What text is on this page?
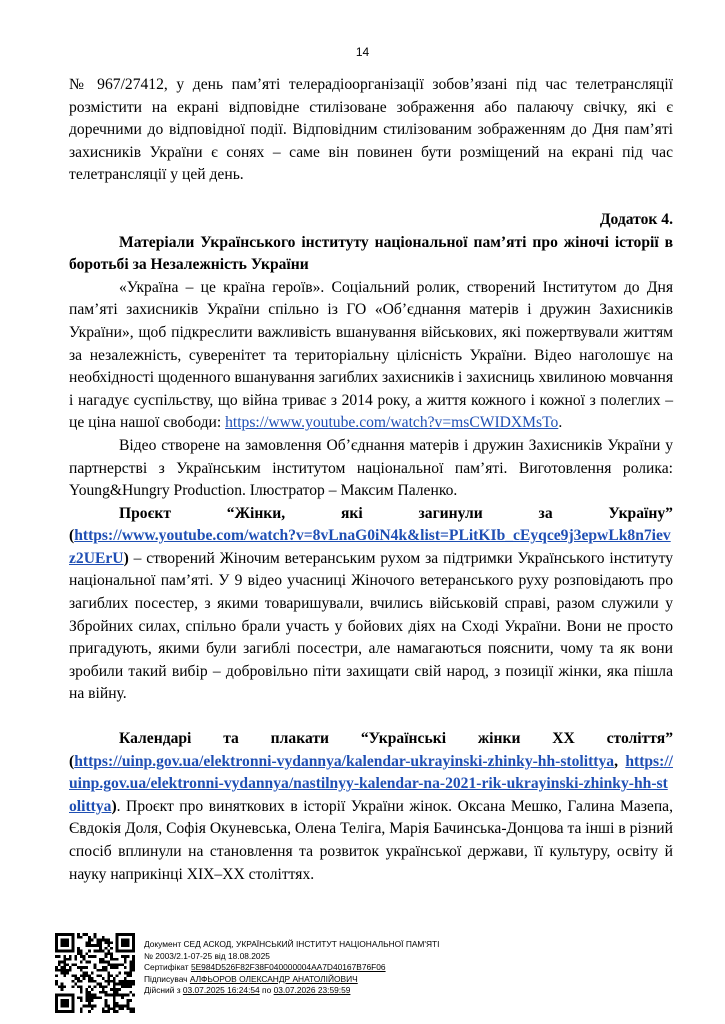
14

№ 967/27412, у день пам’яті телерадіоорганізації зобов’язані під час телетрансляції розмістити на екрані відповідне стилізоване зображення або палаючу свічку, які є доречними до відповідної події. Відповідним стилізованим зображенням до Дня пам’яті захисників України є сонях – саме він повинен бути розміщений на екрані під час телетрансляції у цей день.

Додаток 4.

Матеріали Українського інституту національної пам’яті про жіночі історії в боротьбі за Незалежність України

«Україна – це країна героїв». Соціальний ролик, створений Інститутом до Дня пам’яті захисників України спільно із ГО «Об’єднання матерів і дружин Захисників України», щоб підкреслити важливість вшанування військових, які пожертвували життям за незалежність, суверенітет та територіальну цілісність України. Відео наголошує на необхідності щоденного вшанування загиблих захисників і захисниць хвилиною мовчання і нагадує суспільству, що війна триває з 2014 року, а життя кожного і кожної з полеглих – це ціна нашої свободи: https://www.youtube.com/watch?v=msCWIDXMsTo.

Відео створене на замовлення Об’єднання матерів і дружин Захисників України у партнерстві з Українським інститутом національної пам’яті. Виготовлення ролика: Young&Hungry Production. Ілюстратор – Максим Паленко.

Проєкт	“Жінки,	які	загинули	за	Україну”

(https://www.youtube.com/watch?v=8vLnaG0iN4k&list=PLitKIb_cEyqce9j3epwLk8n7ievz2UErU) – створений Жіночим ветеранським рухом за підтримки Українського інституту національної пам’яті. У 9 відео учасниці Жіночого ветеранського руху розповідають про загиблих посестер, з якими товаришували, вчились військовій справі, разом служили у Збройних силах, спільно брали участь у бойових діях на Сході України. Вони не просто пригадують, якими були загиблі посестри, але намагаються пояснити, чому та як вони зробили такий вибір – добровільно піти захищати свій народ, з позиції жінки, яка пішла на війну.

Календарі та плакати “Українські жінки ХХ століття”

(https://uinp.gov.ua/elektronni-vydannya/kalendar-ukrayinski-zhinky-hh-stolittya, https://uinp.gov.ua/elektronni-vydannya/nastilnyy-kalendar-na-2021-rik-ukrayinski-zhinky-hh-stolittya). Проєкт про виняткових в історії України жінок. Оксана Мешко, Галина Мазепа, Євдокія Доля, Софія Окуневська, Олена Теліга, Марія Бачинська-Донцова та інші в різний спосіб вплинули на становлення та розвиток української держави, її культуру, освіту й науку наприкінці ХІХ–ХХ століттях.

Документ СЕД АСКОД, УКРАЇНСЬКИЙ ІНСТИТУТ НАЦІОНАЛЬНОЇ ПАМ'ЯТІ
№ 2003/2.1-07-25 від 18.08.2025
Сертифікат 5E984D526F82F38F040000004AA7D40167B76F06
Підписувач АЛФЬОРОВ ОЛЕКСАНДР АНАТОЛІЙОВИЧ
Дійсний з 03.07.2025 16:24:54 по 03.07.2026 23:59:59
